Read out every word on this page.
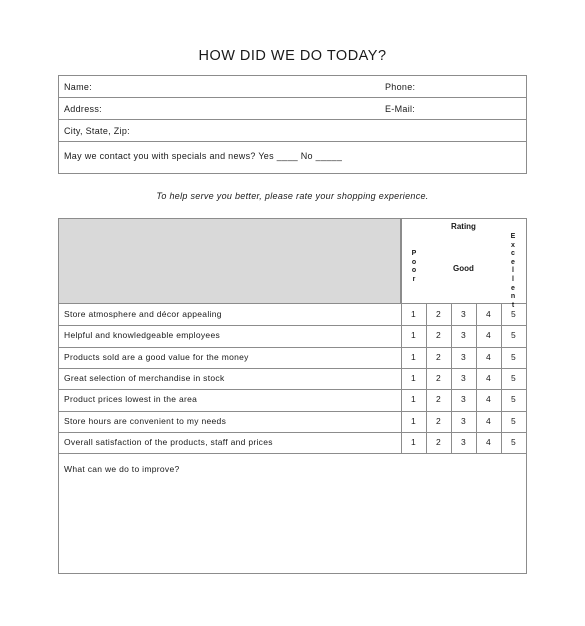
HOW DID WE DO TODAY?
Name:	Phone:
Address:	E-Mail:
City, State, Zip:
May we contact you with specials and news? Yes ____ No _____
To help serve you better, please rate your shopping experience.
Rating
P
o
o
r
Good
E
x
c
e
l
l
e
n
t
Store atmosphere and décor appealing	1	2	3	4	5
Helpful and knowledgeable employees	1	2	3	4	5
Products sold are a good value for the money	1	2	3	4	5
Great selection of merchandise in stock	1	2	3	4	5
Product prices lowest in the area	1	2	3	4	5
Store hours are convenient to my needs	1	2	3	4	5
Overall satisfaction of the products, staff and prices	1	2	3	4	5
What can we do to improve?
